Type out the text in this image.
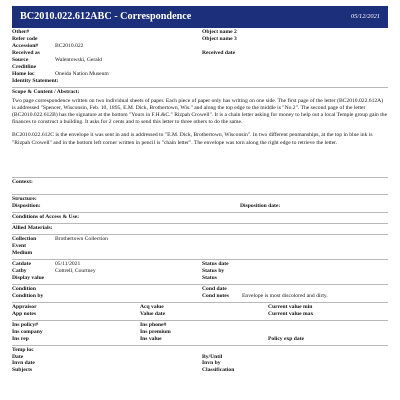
BC2010.022.612ABC - Correspondence	05/12/2021
Other#	Object name 2
Refer code	Object name 3
Accession#	BC2010.022
Received as	Received date
Source	Walentowski, Gerald
Creditline
Home loc	Oneida Nation Museum
Identity Statement:
Scope & Content / Abstract:

Two page correspondence written on two individual sheets of paper. Each piece of paper only has writing on one side. The first page of the letter (BC2010.022.612A) is addressed "Spencer, Wisconsin, Feb. 10, 1895, E.M. Dick, Brothertown, Wis." and along the top edge to the middle is "No.2". The second page of the letter (BC2010.022.612B) has the signature at the bottom "Yours in F.H.&C." Rizpah Crowell". It is a chain letter asking for money to help out a local Temple group gain the finances to construct a building. It asks for 2 cents and to send this letter to three others to do the same.

BC2010.022.612C is the envelope it was sent in and is addressed to "E.M. Dick, Brothertown, Wisconsin". In two different penmanships, at the top in blue ink is "Rizpah Crowell" and in the bottom left corner written in pencil is "chain letter". The envelope was torn along the right edge to retrieve the letter.

Context:
Structure:
Disposition:	Disposition date:
Conditions of Access & Use:
Allied Materials:
Collection	Brothertown Collection
Event
Medium
Catdate	05/11/2021	Status date
Catby	Cottrell, Courtney	Status by
Display value	Status
Condition	Cond date
Condition by	Cond notes	Envelope is most discolored and dirty.
Appraisor	Acq value	Current value min
App notes	Value date	Current value max
Ins policy#	Ins phone#
Ins company	Ins premium
Ins rep	Ins value	Policy exp date
Temp loc
Date	By/Until
Invn date	Invn by
Subjects	Classification
